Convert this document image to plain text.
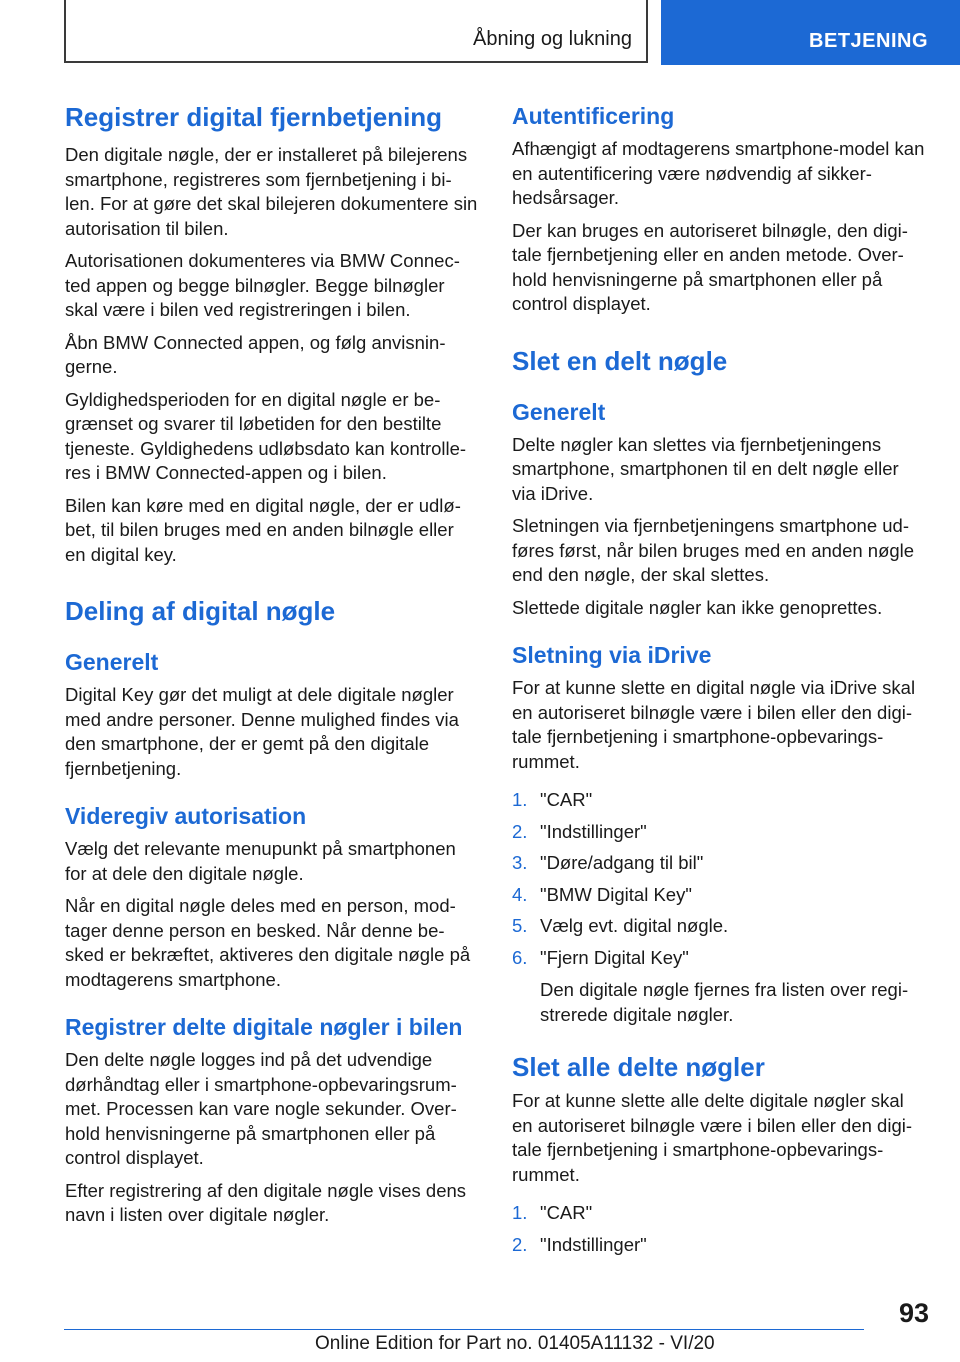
Åbning og lukning	BETJENING
Registrer digital fjernbetjening

Den digitale nøgle, der er installeret på bilejerens smartphone, registreres som fjernbetjening i bi-len. For at gøre det skal bilejeren dokumentere sin autorisation til bilen.

Autorisationen dokumenteres via BMW Connec-ted appen og begge bilnøgler. Begge bilnøgler skal være i bilen ved registreringen i bilen.

Åbn BMW Connected appen, og følg anvisnin-gerne.

Gyldighedsperioden for en digital nøgle er be-grænset og svarer til løbetiden for den bestilte tjeneste. Gyldighedens udløbsdato kan kontrolle-res i BMW Connected-appen og i bilen.

Bilen kan køre med en digital nøgle, der er udlø-bet, til bilen bruges med en anden bilnøgle eller en digital key.

Deling af digital nøgle
Generelt

Digital Key gør det muligt at dele digitale nøgler med andre personer. Denne mulighed findes via den smartphone, der er gemt på den digitale fjernbetjening.

Videregiv autorisation

Vælg det relevante menupunkt på smartphonen for at dele den digitale nøgle.

Når en digital nøgle deles med en person, mod-tager denne person en besked. Når denne be-sked er bekræftet, aktiveres den digitale nøgle på modtagerens smartphone.

Registrer delte digitale nøgler i bilen

Den delte nøgle logges ind på det udvendige dørhåndtag eller i smartphone-opbevaringsrum-met. Processen kan vare nogle sekunder. Over-hold henvisningerne på smartphonen eller på control displayet.

Efter registrering af den digitale nøgle vises dens navn i listen over digitale nøgler.

Autentificering

Afhængigt af modtagerens smartphone-model kan en autentificering være nødvendig af sikker-hedsårsager.

Der kan bruges en autoriseret bilnøgle, den digi-tale fjernbetjening eller en anden metode. Over-hold henvisningerne på smartphonen eller på control displayet.

Slet en delt nøgle
Generelt

Delte nøgler kan slettes via fjernbetjeningens smartphone, smartphonen til en delt nøgle eller via iDrive.

Sletningen via fjernbetjeningens smartphone ud-føres først, når bilen bruges med en anden nøgle end den nøgle, der skal slettes.

Slettede digitale nøgler kan ikke genoprettes.

Sletning via iDrive

For at kunne slette en digital nøgle via iDrive skal en autoriseret bilnøgle være i bilen eller den digi-tale fjernbetjening i smartphone-opbevarings-rummet.

1. "CAR"
2. "Indstillinger"
3. "Døre/adgang til bil"
4. "BMW Digital Key"
5. Vælg evt. digital nøgle.
6. "Fjern Digital Key"
Den digitale nøgle fjernes fra listen over regi-strerede digitale nøgler.
Slet alle delte nøgler

For at kunne slette alle delte digitale nøgler skal en autoriseret bilnøgle være i bilen eller den digi-tale fjernbetjening i smartphone-opbevarings-rummet.

1. "CAR"
2. "Indstillinger"
93
Online Edition for Part no. 01405A11132 - VI/20
